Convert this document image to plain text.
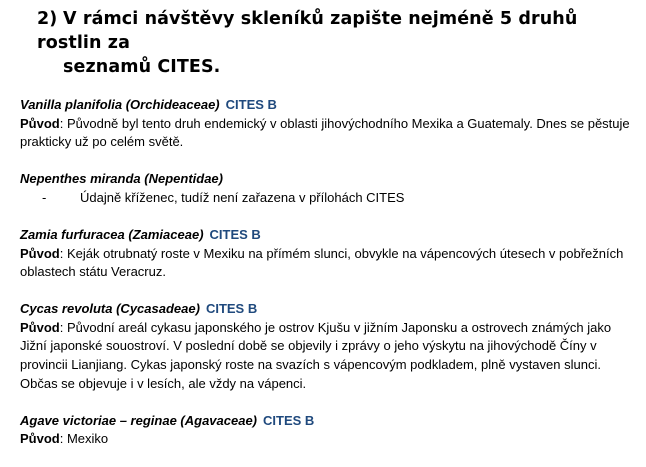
2) V rámci návštěvy skleníků zapište nejméně 5 druhů rostlin za
seznamů CITES.
Vanilla planifolia (Orchideaceae) CITES B
Původ: Původně byl tento druh endemický v oblasti jihovýchodního Mexika a Guatemaly. Dnes se pěstuje prakticky už po celém světě.
Nepenthes miranda (Nepentidae)
-	Údajně kříženec, tudíž není zařazena v přílohách CITES
Zamia furfuracea (Zamiaceae) CITES B
Původ: Keják otrubnatý roste v Mexiku na přímém slunci, obvykle na vápencových útesech v pobřežních oblastech státu Veracruz.
Cycas revoluta (Cycasadeae) CITES B
Původ: Původní areál cykasu japonského je ostrov Kjušu v jižním Japonsku a ostrovech známých jako Jižní japonské souostroví. V poslední době se objevily i zprávy o jeho výskytu na jihovýchodě Číny v provincii Lianjiang. Cykas japonský roste na svazích s vápencovým podkladem, plně vystaven slunci. Občas se objevuje i v lesích, ale vždy na vápenci.
Agave victoriae – reginae (Agavaceae) CITES B
Původ: Mexiko
